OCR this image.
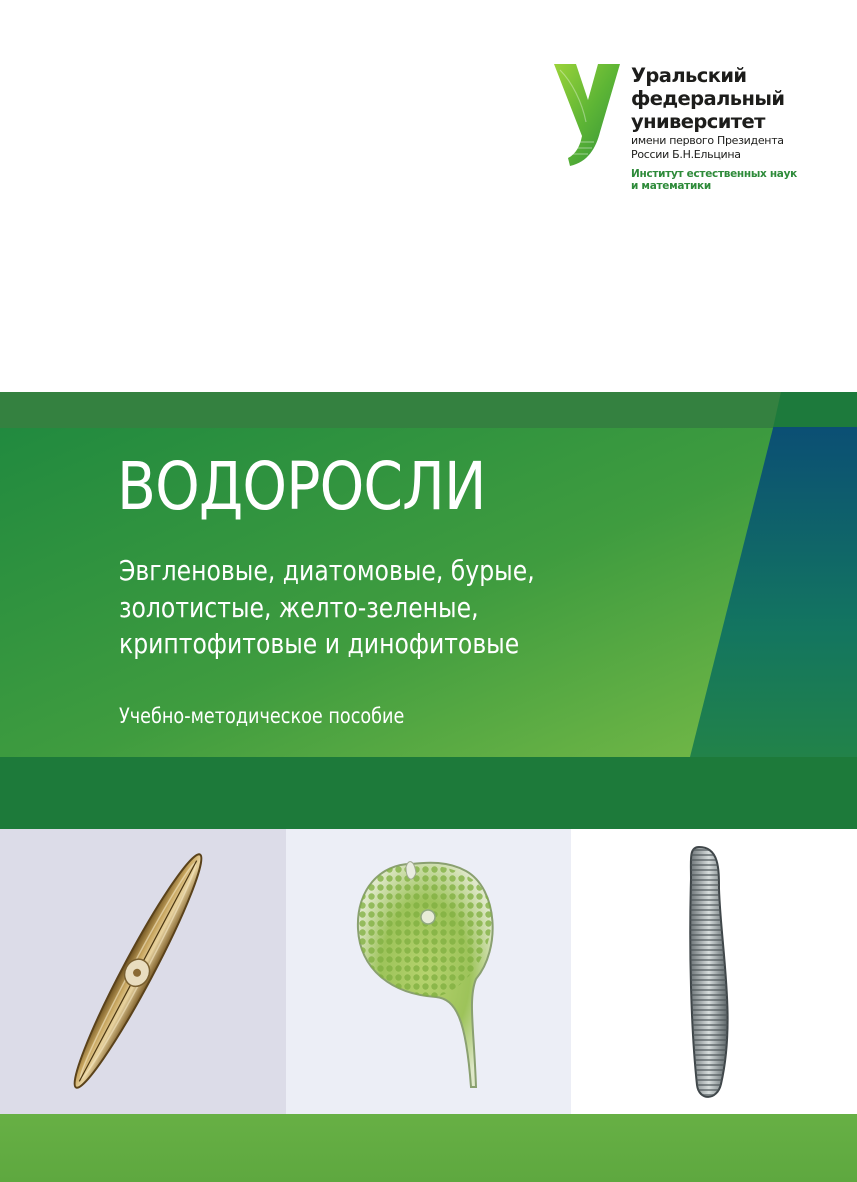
Уральский
федеральный
университет
имени первого Президента
России Б.Н.Ельцина
Институт естественных наук
и математики
ВОДОРОСЛИ

Эвгленовые, диатомовые, бурые,
золотистые, желто-зеленые,
криптофитовые и динофитовые

Учебно-методическое пособие
